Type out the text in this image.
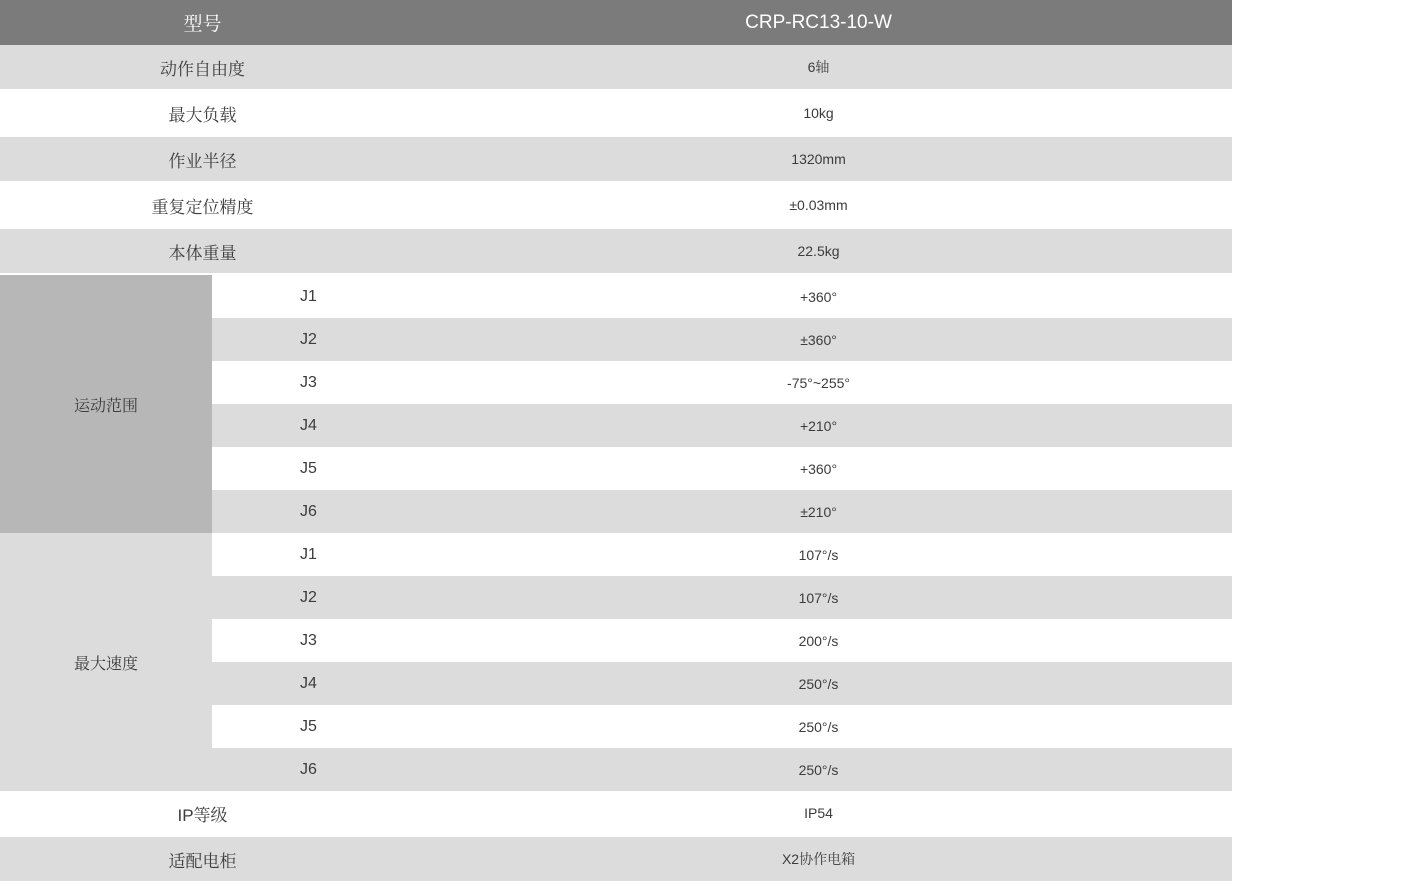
型号		CRP-RC13-10-W
动作自由度		6轴
最大负载		10kg
作业半径		1320mm
重复定位精度		±0.03mm
本体重量		22.5kg
运动范围	J1	+360°
	J2	±360°
	J3	-75°~255°
	J4	+210°
	J5	+360°
	J6	±210°
最大速度	J1	107°/s
	J2	107°/s
	J3	200°/s
	J4	250°/s
	J5	250°/s
	J6	250°/s
IP等级		IP54
适配电柜		X2协作电箱
